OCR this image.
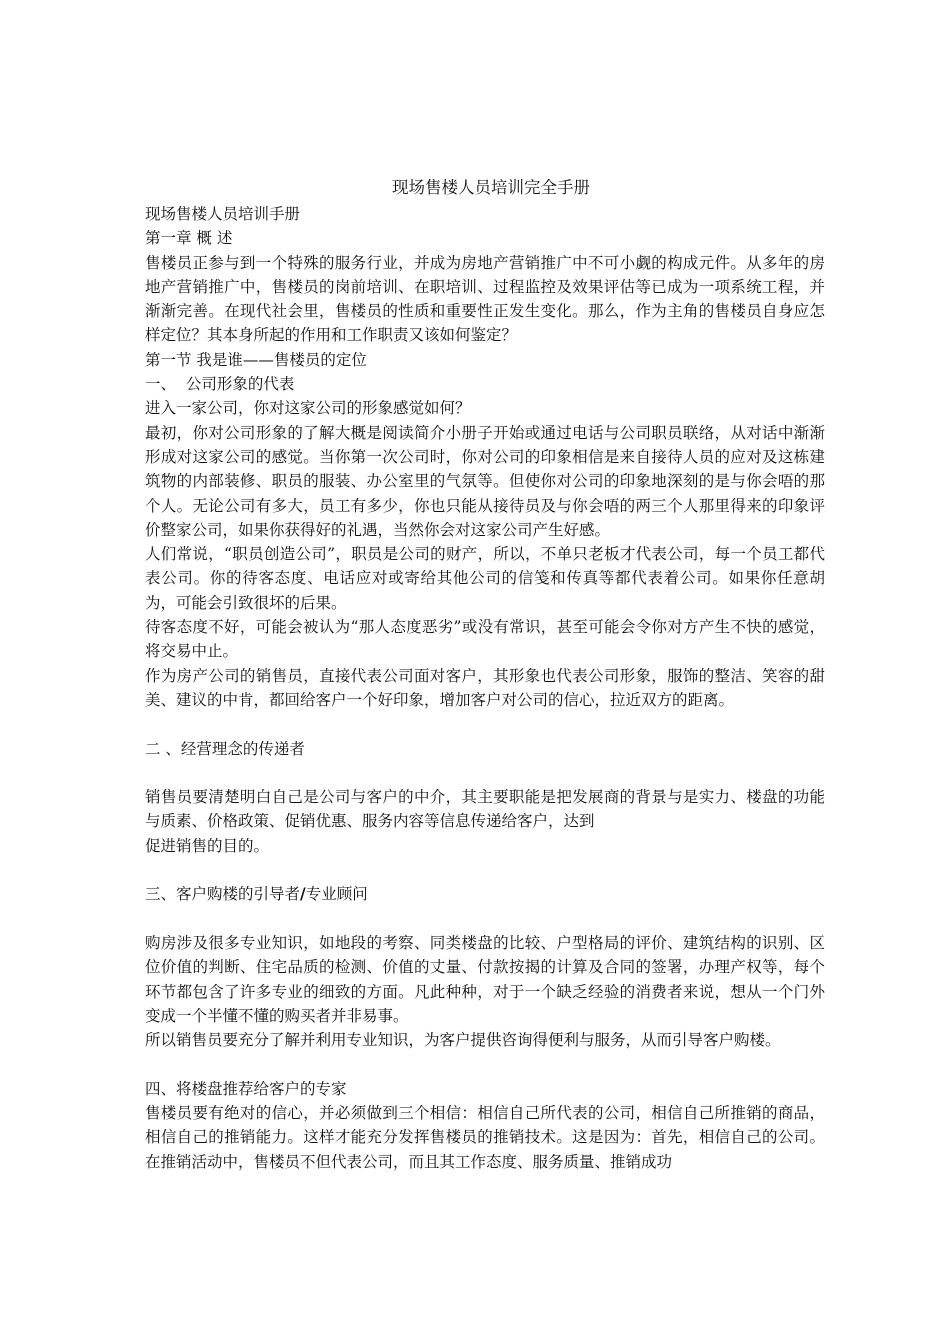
现场售楼人员培训完全手册

现场售楼人员培训手册

第一章 概 述

售楼员正参与到一个特殊的服务行业，并成为房地产营销推广中不可小觑的构成元件。从多年的房地产营销推广中，售楼员的岗前培训、在职培训、过程监控及效果评估等已成为一项系统工程，并渐渐完善。在现代社会里，售楼员的性质和重要性正发生变化。那么，作为主角的售楼员自身应怎样定位？其本身所起的作用和工作职责又该如何鉴定？

第一节 我是谁——售楼员的定位

一、  公司形象的代表

进入一家公司，你对这家公司的形象感觉如何？

最初，你对公司形象的了解大概是阅读简介小册子开始或通过电话与公司职员联络，从对话中渐渐形成对这家公司的感觉。当你第一次公司时，你对公司的印象相信是来自接待人员的应对及这栋建筑物的内部装修、职员的服装、办公室里的气氛等。但使你对公司的印象地深刻的是与你会唔的那个人。无论公司有多大，员工有多少，你也只能从接待员及与你会唔的两三个人那里得来的印象评价整家公司，如果你获得好的礼遇，当然你会对这家公司产生好感。

人们常说，“职员创造公司”，职员是公司的财产，所以，不单只老板才代表公司，每一个员工都代表公司。你的待客态度、电话应对或寄给其他公司的信笺和传真等都代表着公司。如果你任意胡为，可能会引致很坏的后果。

待客态度不好，可能会被认为“那人态度恶劣”或没有常识，甚至可能会令你对方产生不快的感觉，将交易中止。

作为房产公司的销售员，直接代表公司面对客户，其形象也代表公司形象，服饰的整洁、笑容的甜美、建议的中肯，都回给客户一个好印象，增加客户对公司的信心，拉近双方的距离。

二 、经营理念的传递者

销售员要清楚明白自己是公司与客户的中介，其主要职能是把发展商的背景与是实力、楼盘的功能与质素、价格政策、促销优惠、服务内容等信息传递给客户，达到

促进销售的目的。

三、客户购楼的引导者/专业顾问

购房涉及很多专业知识，如地段的考察、同类楼盘的比较、户型格局的评价、建筑结构的识别、区位价值的判断、住宅品质的检测、价值的丈量、付款按揭的计算及合同的签署，办理产权等，每个环节都包含了许多专业的细致的方面。凡此种种，对于一个缺乏经验的消费者来说，想从一个门外变成一个半懂不懂的购买者并非易事。

所以销售员要充分了解并利用专业知识，为客户提供咨询得便利与服务，从而引导客户购楼。

四、将楼盘推荐给客户的专家

售楼员要有绝对的信心，并必须做到三个相信：相信自己所代表的公司，相信自己所推销的商品，相信自己的推销能力。这样才能充分发挥售楼员的推销技术。这是因为：首先，相信自己的公司。在推销活动中，售楼员不但代表公司，而且其工作态度、服务质量、推销成功
